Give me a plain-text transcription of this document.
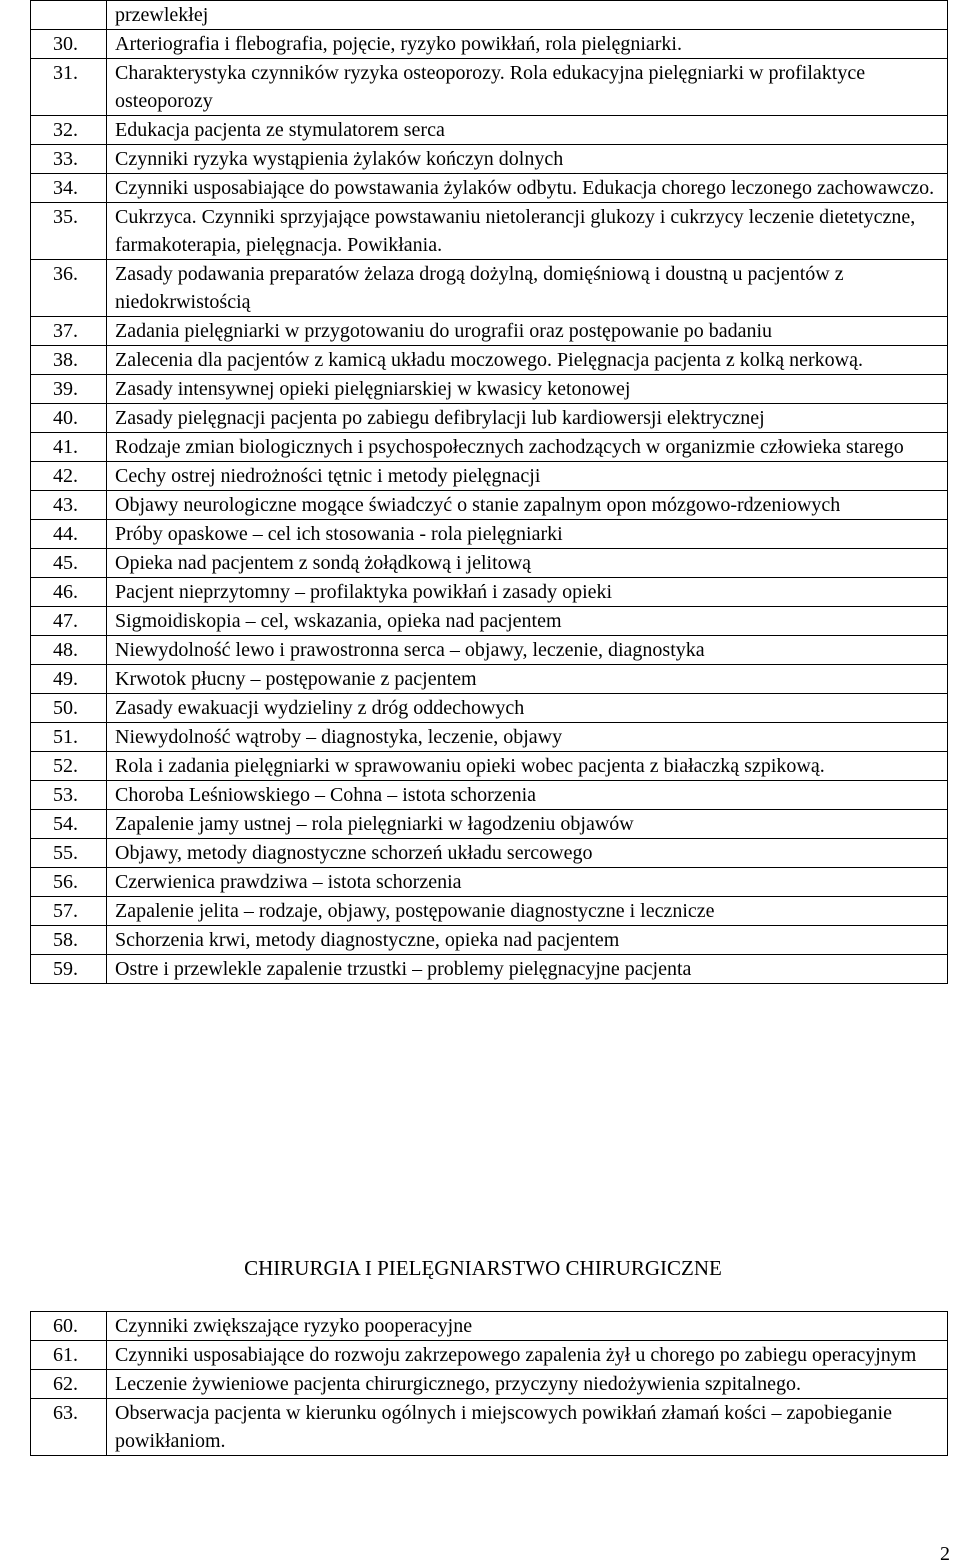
	przewlekłej
30.	Arteriografia i flebografia, pojęcie, ryzyko powikłań, rola pielęgniarki.
31.	Charakterystyka czynników ryzyka osteoporozy. Rola edukacyjna pielęgniarki w profilaktyce osteoporozy
32.	Edukacja pacjenta ze stymulatorem serca
33.	Czynniki ryzyka wystąpienia żylaków kończyn dolnych
34.	Czynniki usposabiające do powstawania żylaków odbytu. Edukacja chorego leczonego zachowawczo.
35.	Cukrzyca. Czynniki sprzyjające powstawaniu nietolerancji glukozy i cukrzycy leczenie dietetyczne, farmakoterapia, pielęgnacja. Powikłania.
36.	Zasady podawania preparatów żelaza drogą dożylną, domięśniową i doustną u pacjentów z niedokrwistością
37.	Zadania pielęgniarki w przygotowaniu do urografii oraz postępowanie po badaniu
38.	Zalecenia dla pacjentów z kamicą układu moczowego. Pielęgnacja pacjenta z kolką nerkową.
39.	Zasady intensywnej opieki pielęgniarskiej w kwasicy ketonowej
40.	Zasady pielęgnacji pacjenta po zabiegu defibrylacji lub kardiowersji elektrycznej
41.	Rodzaje zmian biologicznych i psychospołecznych zachodzących w organizmie człowieka starego
42.	Cechy ostrej niedrożności tętnic i metody pielęgnacji
43.	Objawy neurologiczne mogące świadczyć o stanie zapalnym opon mózgowo-rdzeniowych
44.	Próby opaskowe – cel ich stosowania - rola pielęgniarki
45.	Opieka nad pacjentem z sondą żołądkową i jelitową
46.	Pacjent nieprzytomny – profilaktyka powikłań i zasady opieki
47.	Sigmoidiskopia – cel, wskazania, opieka nad pacjentem
48.	Niewydolność lewo i prawostronna serca – objawy, leczenie, diagnostyka
49.	Krwotok płucny – postępowanie z pacjentem
50.	Zasady ewakuacji wydzieliny z dróg oddechowych
51.	Niewydolność wątroby – diagnostyka, leczenie, objawy
52.	Rola i zadania pielęgniarki w sprawowaniu opieki wobec pacjenta z białaczką szpikową.
53.	Choroba Leśniowskiego – Cohna – istota schorzenia
54.	Zapalenie jamy ustnej – rola pielęgniarki w łagodzeniu objawów
55.	Objawy, metody diagnostyczne schorzeń układu sercowego
56.	Czerwienica prawdziwa – istota schorzenia
57.	Zapalenie jelita – rodzaje, objawy, postępowanie diagnostyczne i lecznicze
58.	Schorzenia krwi, metody diagnostyczne, opieka nad pacjentem
59.	Ostre i przewlekle zapalenie trzustki – problemy pielęgnacyjne pacjenta
CHIRURGIA I PIELĘGNIARSTWO CHIRURGICZNE
60.	Czynniki zwiększające ryzyko pooperacyjne
61.	Czynniki usposabiające do rozwoju zakrzepowego zapalenia żył u chorego po zabiegu operacyjnym
62.	Leczenie żywieniowe pacjenta chirurgicznego, przyczyny niedożywienia szpitalnego.
63.	Obserwacja pacjenta w kierunku ogólnych i miejscowych powikłań złamań kości – zapobieganie powikłaniom.
2
